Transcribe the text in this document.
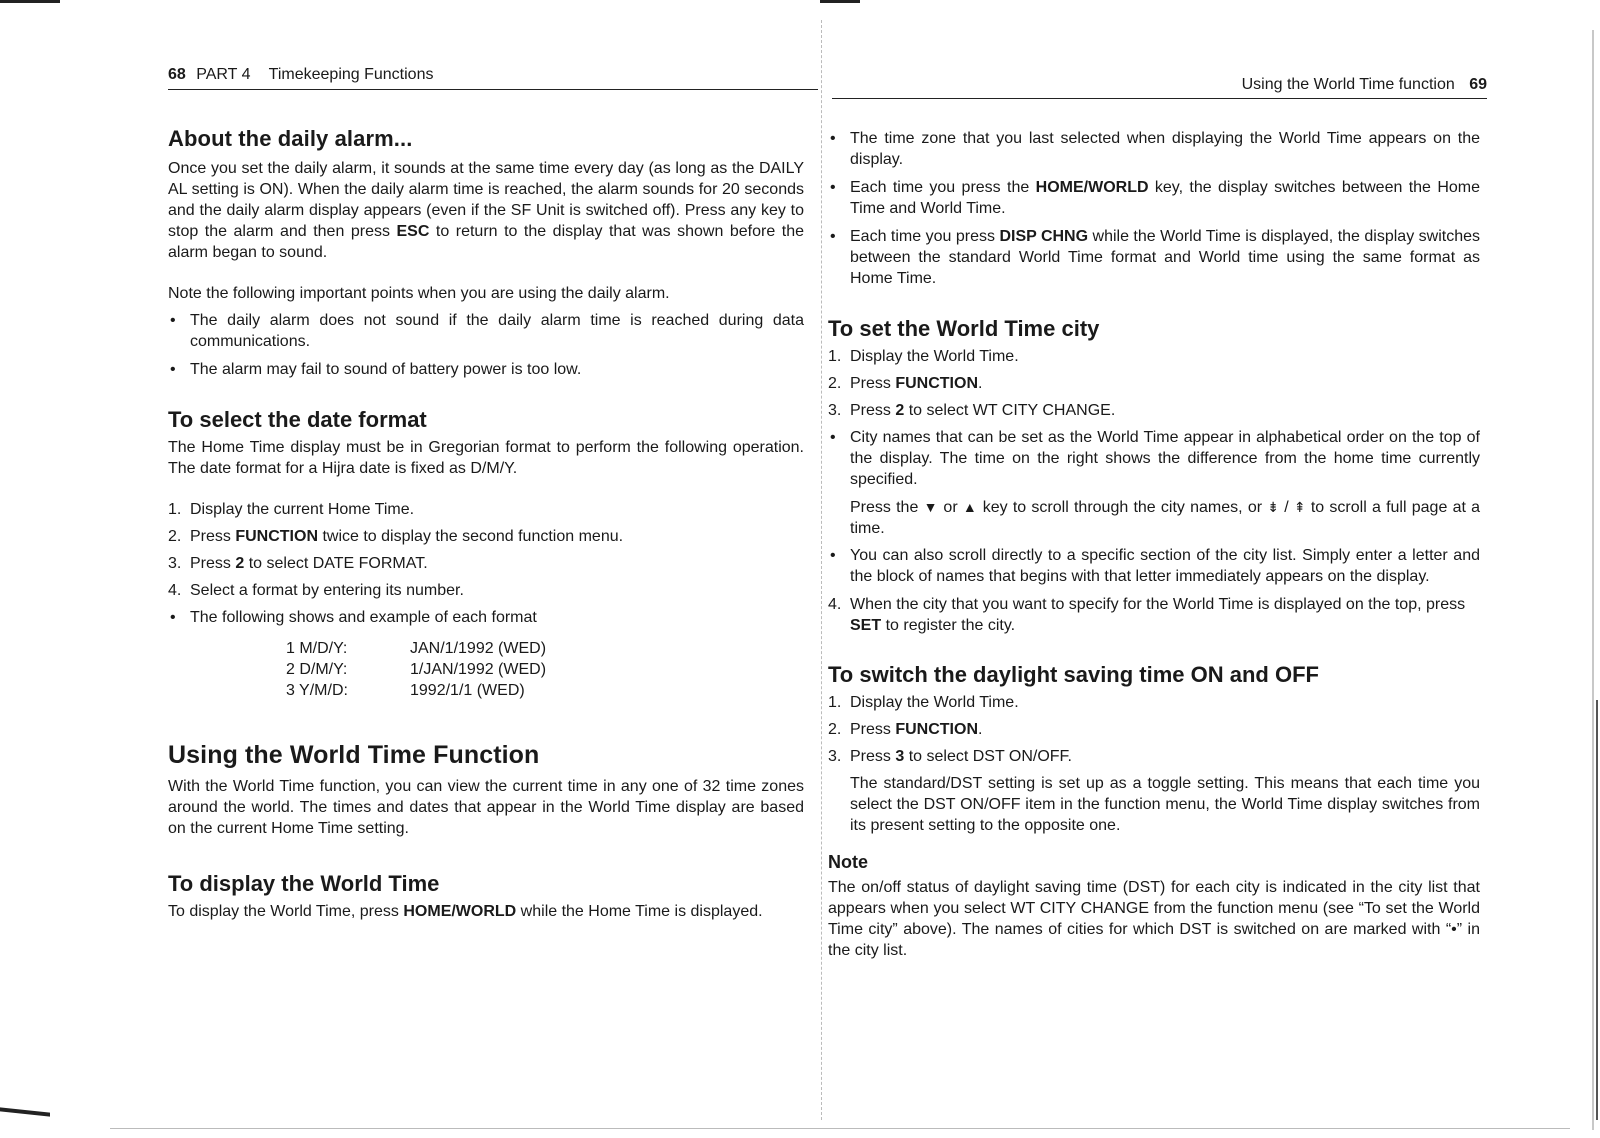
68 PART 4 Timekeeping Functions
About the daily alarm...

Once you set the daily alarm, it sounds at the same time every day (as long as the DAILY AL setting is ON). When the daily alarm time is reached, the alarm sounds for 20 seconds and the daily alarm display appears (even if the SF Unit is switched off). Press any key to stop the alarm and then press ESC to return to the display that was shown before the alarm began to sound.

Note the following important points when you are using the daily alarm.

• The daily alarm does not sound if the daily alarm time is reached during data communications.
• The alarm may fail to sound of battery power is too low.
To select the date format

The Home Time display must be in Gregorian format to perform the following operation. The date format for a Hijra date is fixed as D/M/Y.

1. Display the current Home Time.
2. Press FUNCTION twice to display the second function menu.
3. Press 2 to select DATE FORMAT.
4. Select a format by entering its number.
• The following shows and example of each format
1 M/D/Y:	JAN/1/1992 (WED)
2 D/M/Y:	1/JAN/1992 (WED)
3 Y/M/D:	1992/1/1 (WED)
Using the World Time Function

With the World Time function, you can view the current time in any one of 32 time zones around the world. The times and dates that appear in the World Time display are based on the current Home Time setting.

To display the World Time

To display the World Time, press HOME/WORLD while the Home Time is displayed.

Using the World Time function 69
• The time zone that you last selected when displaying the World Time appears on the display.
• Each time you press the HOME/WORLD key, the display switches between the Home Time and World Time.
• Each time you press DISP CHNG while the World Time is displayed, the display switches between the standard World Time format and World time using the same format as Home Time.
To set the World Time city
1. Display the World Time.
2. Press FUNCTION.
3. Press 2 to select WT CITY CHANGE.
• City names that can be set as the World Time appear in alphabetical order on the top of the display. The time on the right shows the difference from the home time currently specified.
Press the ▼ or ▲ key to scroll through the city names, or ⇟ / ⇞ to scroll a full page at a time.
• You can also scroll directly to a specific section of the city list. Simply enter a letter and the block of names that begins with that letter immediately appears on the display.
4. When the city that you want to specify for the World Time is displayed on the top, press SET to register the city.
To switch the daylight saving time ON and OFF
1. Display the World Time.
2. Press FUNCTION.
3. Press 3 to select DST ON/OFF.
The standard/DST setting is set up as a toggle setting. This means that each time you select the DST ON/OFF item in the function menu, the World Time display switches from its present setting to the opposite one.
Note

The on/off status of daylight saving time (DST) for each city is indicated in the city list that appears when you select WT CITY CHANGE from the function menu (see “To set the World Time city” above). The names of cities for which DST is switched on are marked with “•” in the city list.
